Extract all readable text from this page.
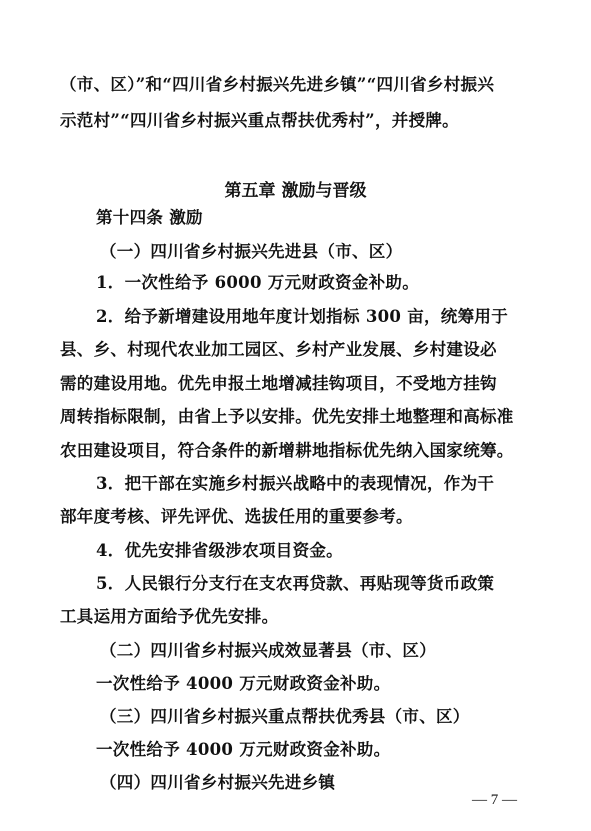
（市、区）”和“四川省乡村振兴先进乡镇”“四川省乡村振兴
示范村”“四川省乡村振兴重点帮扶优秀村”，并授牌。
第五章 激励与晋级
第十四条 激励
（一）四川省乡村振兴先进县（市、区）
1．一次性给予 6000 万元财政资金补助。
2．给予新增建设用地年度计划指标 300 亩，统筹用于
县、乡、村现代农业加工园区、乡村产业发展、乡村建设必
需的建设用地。优先申报土地增减挂钩项目，不受地方挂钩
周转指标限制，由省上予以安排。优先安排土地整理和高标准
农田建设项目，符合条件的新增耕地指标优先纳入国家统筹。
3．把干部在实施乡村振兴战略中的表现情况，作为干
部年度考核、评先评优、选拔任用的重要参考。
4．优先安排省级涉农项目资金。
5．人民银行分支行在支农再贷款、再贴现等货币政策
工具运用方面给予优先安排。
（二）四川省乡村振兴成效显著县（市、区）
一次性给予 4000 万元财政资金补助。
（三）四川省乡村振兴重点帮扶优秀县（市、区）
一次性给予 4000 万元财政资金补助。
（四）四川省乡村振兴先进乡镇
— 7 —
